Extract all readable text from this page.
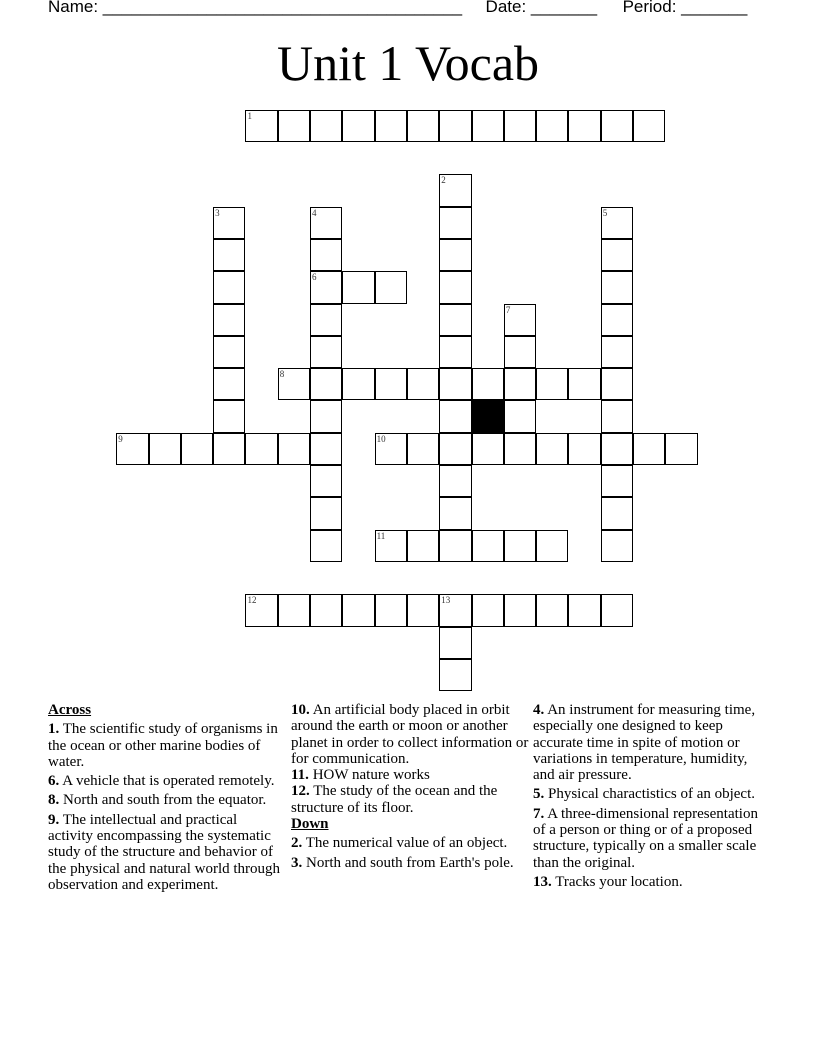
Name: ______________________________________ Date: _______ Period: _______
Unit 1 Vocab
1
2
3	4
6
5
7
8
9	10
11
12	13

Across

1. The scientific study of organisms in the ocean or other marine bodies of water.

6. A vehicle that is operated remotely.

8. North and south from the equator.

9. The intellectual and practical activity encompassing the systematic study of the structure and behavior of the physical and natural world through observation and experiment.

10. An artificial body placed in orbit around the earth or moon or another planet in order to collect information or for communication.

11. HOW nature works

12. The study of the ocean and the structure of its floor.

Down

2. The numerical value of an object.

3. North and south from Earth's pole.

4. An instrument for measuring time, especially one designed to keep accurate time in spite of motion or variations in temperature, humidity, and air pressure.

5. Physical charactistics of an object.

7. A three-dimensional representation of a person or thing or of a proposed structure, typically on a smaller scale than the original.

13. Tracks your location.
